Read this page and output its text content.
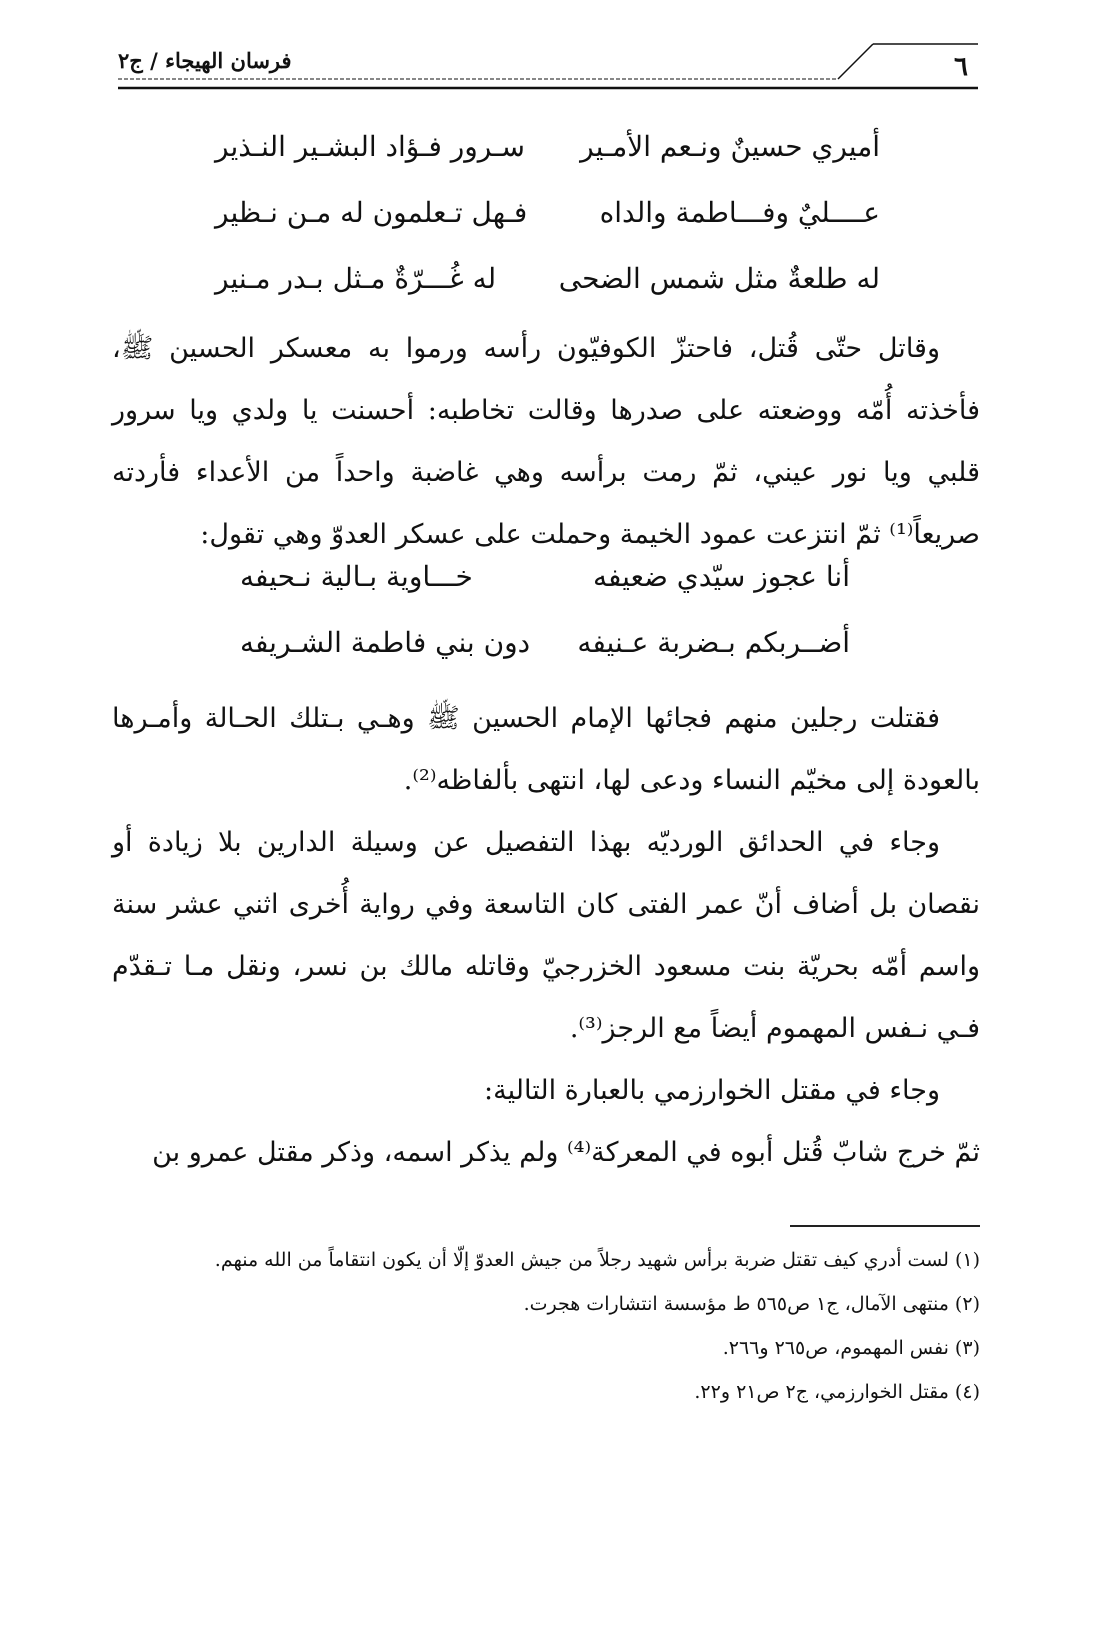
فرسان الهيجاء / ج٢	٦
أميري حسينٌ ونـعم الأمـير
سـرور فـؤاد البشـير النـذير
عــــليٌ وفـــاطمة والداه
فـهل تـعلمون له مـن نـظير
له طلعةٌ مثل شمس الضحى
له غُـــرّةٌ مـثل بـدر مـنير

وقاتل حتّى قُتل، فاحتزّ الكوفيّون رأسه ورموا به معسكر الحسين ﷺ، فأخذته أُمّه ووضعته على صدرها وقالت تخاطبه: أحسنت يا ولدي ويا سرور قلبي ويا نور عيني، ثمّ رمت برأسه وهي غاضبة واحداً من الأعداء فأردته صريعاً⁽¹⁾ ثمّ انتزعت عمود الخيمة وحملت على عسكر العدوّ وهي تقول:

أنا عجوز سيّدي ضعيفه
خـــاوية بـالية نـحيفه
أضــربكم بـضربة عـنيفه
دون بني فاطمة الشـريفه

فقتلت رجلين منهم فجائها الإمام الحسين ﷺ وهـي بـتلك الحـالة وأمـرها بالعودة إلى مخيّم النساء ودعى لها، انتهى بألفاظه⁽²⁾.

وجاء في الحدائق الورديّه بهذا التفصيل عن وسيلة الدارين بلا زيادة أو نقصان بل أضاف أنّ عمر الفتى كان التاسعة وفي رواية أُخرى اثني عشر سنة واسم أمّه بحريّة بنت مسعود الخزرجيّ وقاتله مالك بن نسر، ونقل مـا تـقدّم فـي نـفس المهموم أيضاً مع الرجز⁽³⁾.

وجاء في مقتل الخوارزمي بالعبارة التالية:

ثمّ خرج شابّ قُتل أبوه في المعركة⁽⁴⁾ ولم يذكر اسمه، وذكر مقتل عمرو بن

(١) لست أدري كيف تقتل ضربة برأس شهيد رجلاً من جيش العدوّ إلّا أن يكون انتقاماً من الله منهم.

(٢) منتهى الآمال، ج١ ص٥٦٥ ط مؤسسة انتشارات هجرت.

(٣) نفس المهموم، ص٢٦٥ و٢٦٦.

(٤) مقتل الخوارزمي، ج٢ ص٢١ و٢٢.
